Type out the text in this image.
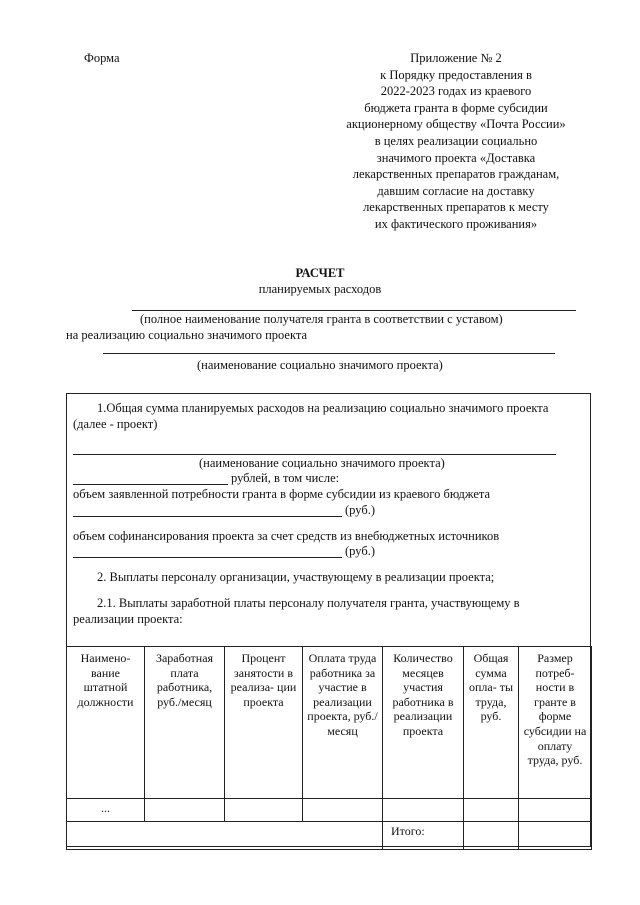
Форма	Приложение № 2
к Порядку предоставления в
2022-2023 годах из краевого
бюджета гранта в форме субсидии
акционерному обществу «Почта России»
в целях реализации социально
значимого проекта «Доставка
лекарственных препаратов гражданам,
давшим согласие на доставку
лекарственных препаратов к месту
их фактического проживания»
РАСЧЕТ
планируемых расходов
(полное наименование получателя гранта в соответствии с уставом)
на реализацию социально значимого проекта
(наименование социально значимого проекта)
1.Общая сумма планируемых расходов на реализацию социально значимого проекта
(далее - проект)
(наименование социально значимого проекта)
рублей, в том числе:
объем заявленной потребности гранта в форме субсидии из краевого бюджета
(руб.)
объем софинансирования проекта за счет средств из внебюджетных источников
(руб.)
2. Выплаты персоналу организации, участвующему в реализации проекта;
2.1. Выплаты заработной платы персоналу получателя гранта, участвующему в
реализации проекта:
Наимено- вание штатной должности	Заработная плата работника, руб./месяц	Процент занятости в реализа- ции проекта	Оплата труда работника за участие в реализации проекта, руб./месяц	Количество месяцев участия работника в реализации проекта	Общая сумма опла- ты труда, руб.	Размер потреб- ности в гранте в форме субсидии на оплату труда, руб.
...						
				Итого:		
